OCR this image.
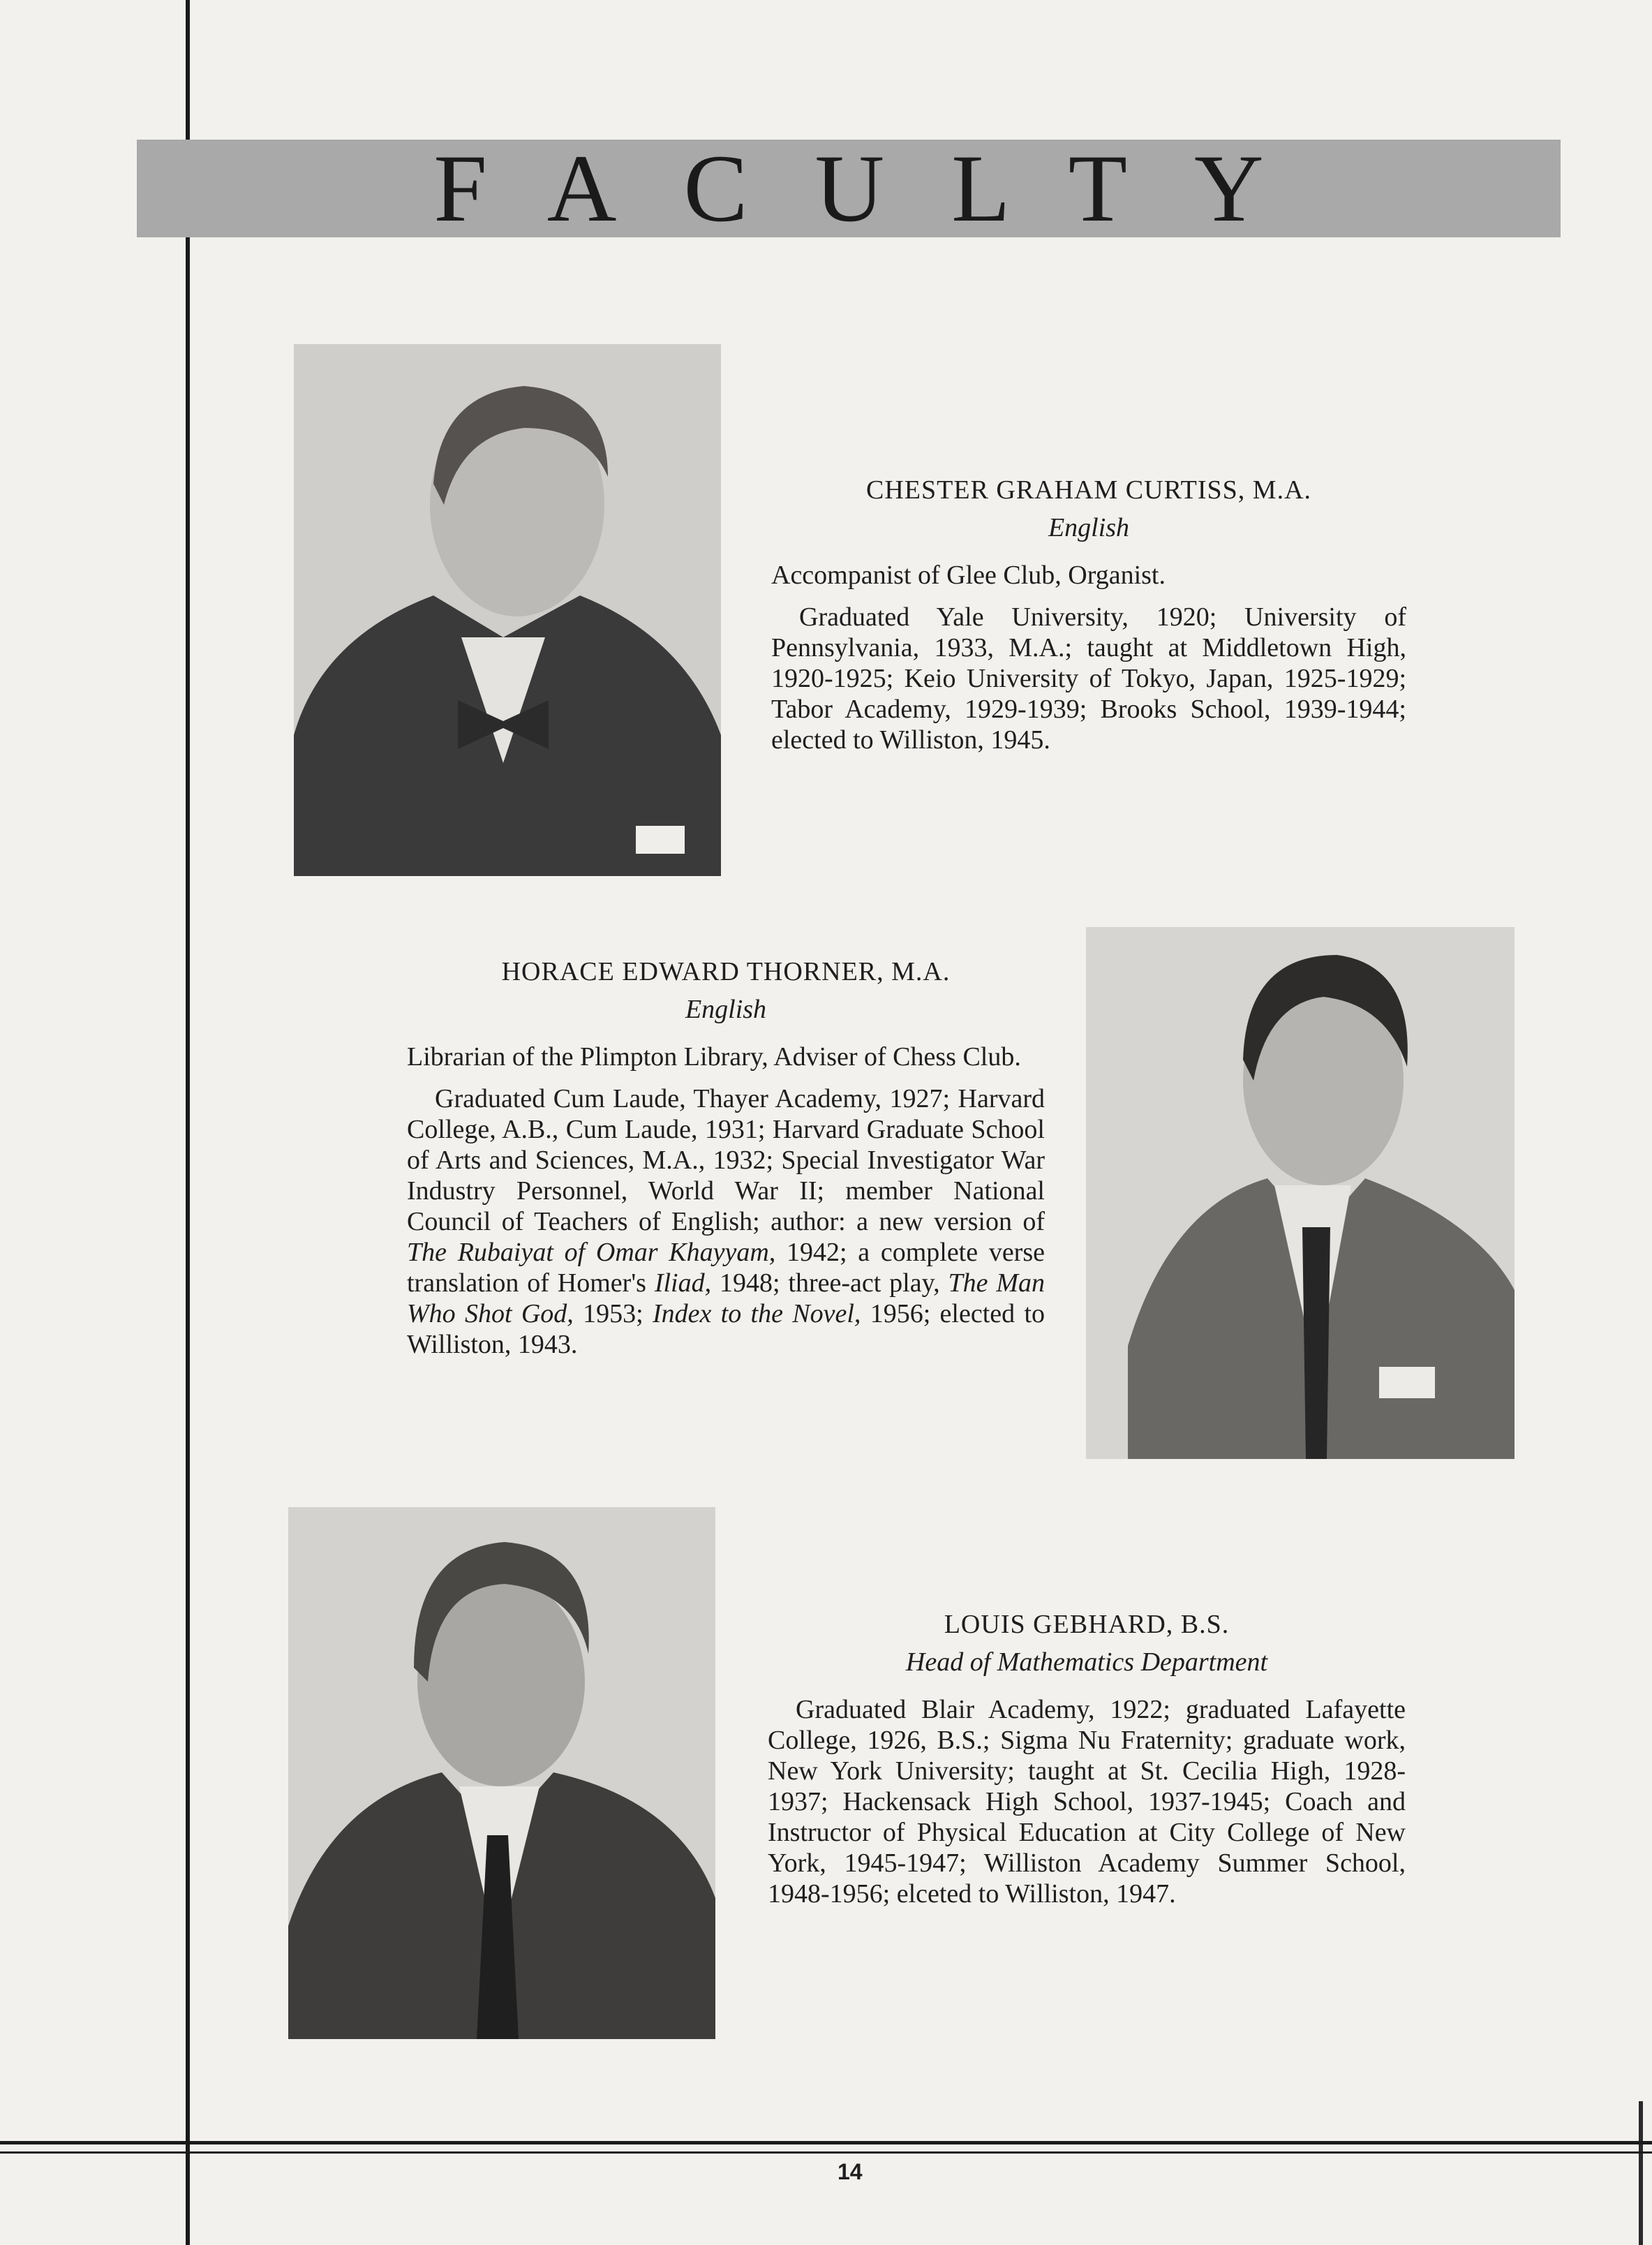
FACULTY
CHESTER GRAHAM CURTISS, M.A.
English

Accompanist of Glee Club, Organist.

Graduated Yale University, 1920; University of Pennsylvania, 1933, M.A.; taught at Middletown High, 1920-1925; Keio University of Tokyo, Japan, 1925-1929; Tabor Academy, 1929-1939; Brooks School, 1939-1944; elected to Williston, 1945.

HORACE EDWARD THORNER, M.A.
English

Librarian of the Plimpton Library, Adviser of Chess Club.

Graduated Cum Laude, Thayer Academy, 1927; Harvard College, A.B., Cum Laude, 1931; Harvard Graduate School of Arts and Sciences, M.A., 1932; Special Investigator War Industry Personnel, World War II; member National Council of Teachers of English; author: a new version of The Rubaiyat of Omar Khayyam, 1942; a complete verse translation of Homer's Iliad, 1948; three-act play, The Man Who Shot God, 1953; Index to the Novel, 1956; elected to Williston, 1943.

LOUIS GEBHARD, B.S.
Head of Mathematics Department

Graduated Blair Academy, 1922; graduated Lafayette College, 1926, B.S.; Sigma Nu Fraternity; graduate work, New York University; taught at St. Cecilia High, 1928-1937; Hackensack High School, 1937-1945; Coach and Instructor of Physical Education at City College of New York, 1945-1947; Williston Academy Summer School, 1948-1956; elceted to Williston, 1947.

14
